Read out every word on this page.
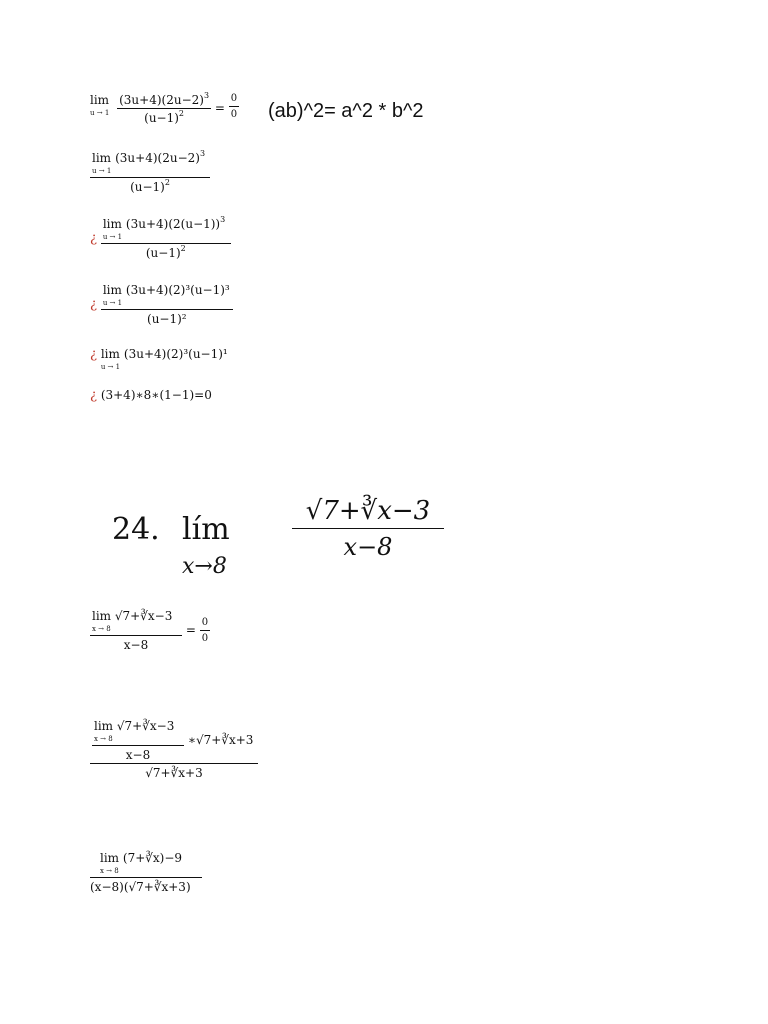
lim
u → 1
$\frac{(3u+4)(2u-2)^3}{(u-1)^2} = \frac{0}{0}$ (ab)^2= a^2 * b^2
lim
u → 1
$(3u+4)(2u-2)^3$
$(u-1)^2$
¿ lim
u → 1
$(3u+4)(2(u-1))^3$
$(u-1)^2$
¿ lim
u → 1
(3u+4)(2)³(u−1)³
(u−1)²
¿ lim
u → 1
(3u+4)(2)³(u−1)¹
¿ (3+4)∗8∗(1−1)=0
24. lím
x→8
√7+∛x−3
x−8
lim
x → 8
√7+∛x−3
$x-8 = \frac{0}{0}$
lim
x → 8
√7+∛x−3
x−8 ∗√7+∛x+3
√7+∛x+3
lim
x → 8
(7+∛x)−9
(x−8)(√7+∛x+3)
